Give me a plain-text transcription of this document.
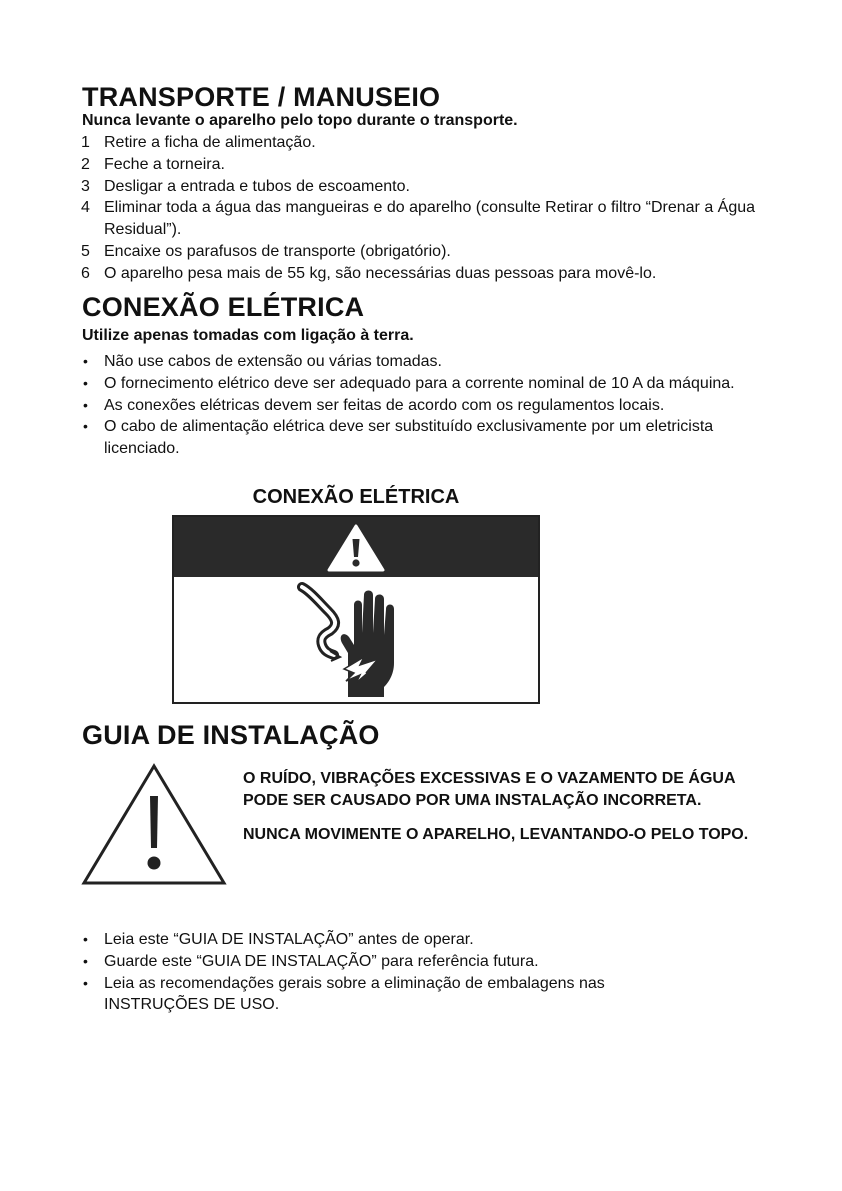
TRANSPORTE / MANUSEIO

Nunca levante o aparelho pelo topo durante o transporte.

1 Retire a ficha de alimentação.
2 Feche a torneira.
3 Desligar a entrada e tubos de escoamento.
4 Eliminar toda a água das mangueiras e do aparelho (consulte Retirar o filtro “Drenar a Água Residual”).
5 Encaixe os parafusos de transporte (obrigatório).
6 O aparelho pesa mais de 55 kg, são necessárias duas pessoas para movê-lo.
CONEXÃO ELÉTRICA

Utilize apenas tomadas com ligação à terra.

• Não use cabos de extensão ou várias tomadas.
• O fornecimento elétrico deve ser adequado para a corrente nominal de 10 A da máquina.
• As conexões elétricas devem ser feitas de acordo com os regulamentos locais.
• O cabo de alimentação elétrica deve ser substituído exclusivamente por um eletricista licenciado.

CONEXÃO ELÉTRICA

GUIA DE INSTALAÇÃO

O RUÍDO, VIBRAÇÕES EXCESSIVAS E O VAZAMENTO DE ÁGUA PODE SER CAUSADO POR UMA INSTALAÇÃO INCORRETA.

NUNCA MOVIMENTE O APARELHO, LEVANTANDO-O PELO TOPO.

• Leia este “GUIA DE INSTALAÇÃO” antes de operar.
• Guarde este “GUIA DE INSTALAÇÃO” para referência futura.
• Leia as recomendações gerais sobre a eliminação de embalagens nas INSTRUÇÕES DE USO.
